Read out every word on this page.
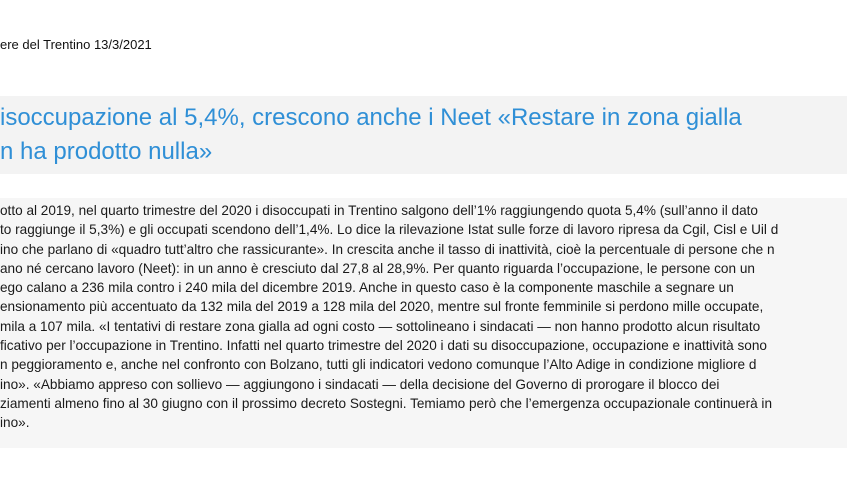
ere del Trentino 13/3/2021
isoccupazione al 5,4%, crescono anche i Neet «Restare in zona gialla
n ha prodotto nulla»

otto al 2019, nel quarto trimestre del 2020 i disoccupati in Trentino salgono dell’1% raggiungendo quota 5,4% (sull’anno il dato
to raggiunge il 5,3%) e gli occupati scendono dell’1,4%. Lo dice la rilevazione Istat sulle forze di lavoro ripresa da Cgil, Cisl e Uil d
ino che parlano di «quadro tutt’altro che rassicurante». In crescita anche il tasso di inattività, cioè la percentuale di persone che n
ano né cercano lavoro (Neet): in un anno è cresciuto dal 27,8 al 28,9%. Per quanto riguarda l’occupazione, le persone con un
ego calano a 236 mila contro i 240 mila del dicembre 2019. Anche in questo caso è la componente maschile a segnare un
ensionamento più accentuato da 132 mila del 2019 a 128 mila del 2020, mentre sul fronte femminile si perdono mille occupate,
mila a 107 mila. «I tentativi di restare zona gialla ad ogni costo — sottolineano i sindacati — non hanno prodotto alcun risultato
ficativo per l’occupazione in Trentino. Infatti nel quarto trimestre del 2020 i dati su disoccupazione, occupazione e inattività sono
n peggioramento e, anche nel confronto con Bolzano, tutti gli indicatori vedono comunque l’Alto Adige in condizione migliore d
ino». «Abbiamo appreso con sollievo — aggiungono i sindacati — della decisione del Governo di prorogare il blocco dei
ziamenti almeno fino al 30 giugno con il prossimo decreto Sostegni. Temiamo però che l’emergenza occupazionale continuerà in
ino».
